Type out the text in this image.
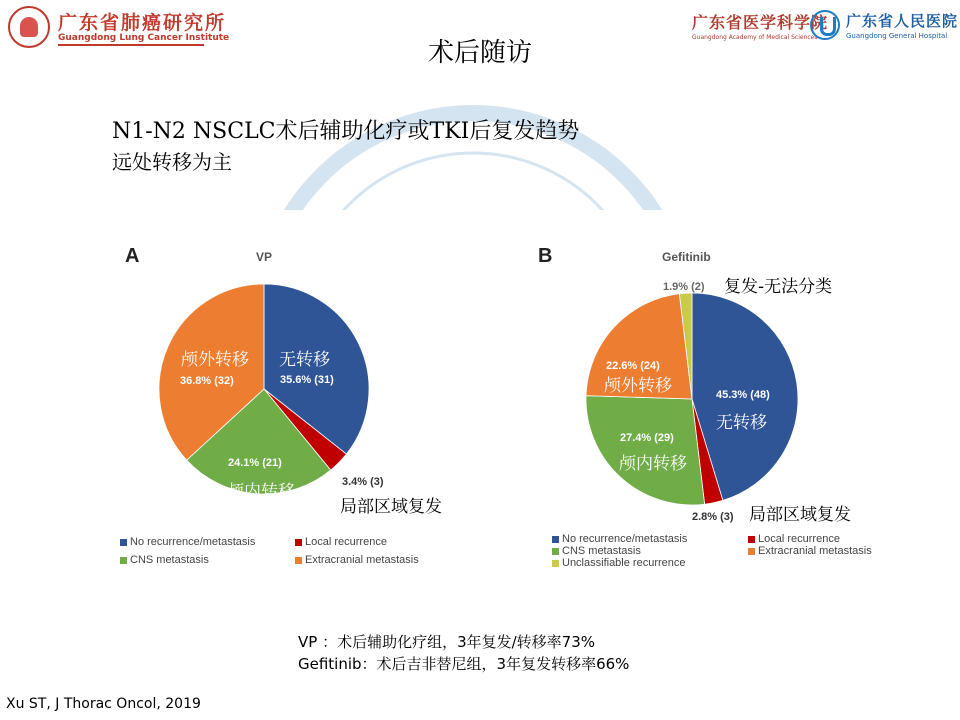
广东省肺癌研究所
Guangdong Lung Cancer Institute
广东省医学科学院
Guangdong Academy of Medical Sciences
广东省人民医院
Guangdong General Hospital
术后随访
N1-N2 NSCLC术后辅助化疗或TKI后复发趋势
远处转移为主
A	VP
35.6% (31)
无转移
3.4% (3)
局部区域复发
24.1% (21)
颅内转移
36.8% (32)
颅外转移
No recurrence/metastasis	Local recurrence
CNS metastasis	Extracranial metastasis
B	Gefitinib
45.3% (48)
无转移
2.8% (3) 局部区域复发
27.4% (29)
颅内转移
22.6% (24)
颅外转移
1.9% (2) 复发-无法分类
No recurrence/metastasis	Local recurrence
CNS metastasis	Extracranial metastasis
Unclassifiable recurrence
VP ：术后辅助化疗组，3年复发/转移率73%
Gefitinib：术后吉非替尼组，3年复发转移率66%
Xu ST, J Thorac Oncol, 2019
